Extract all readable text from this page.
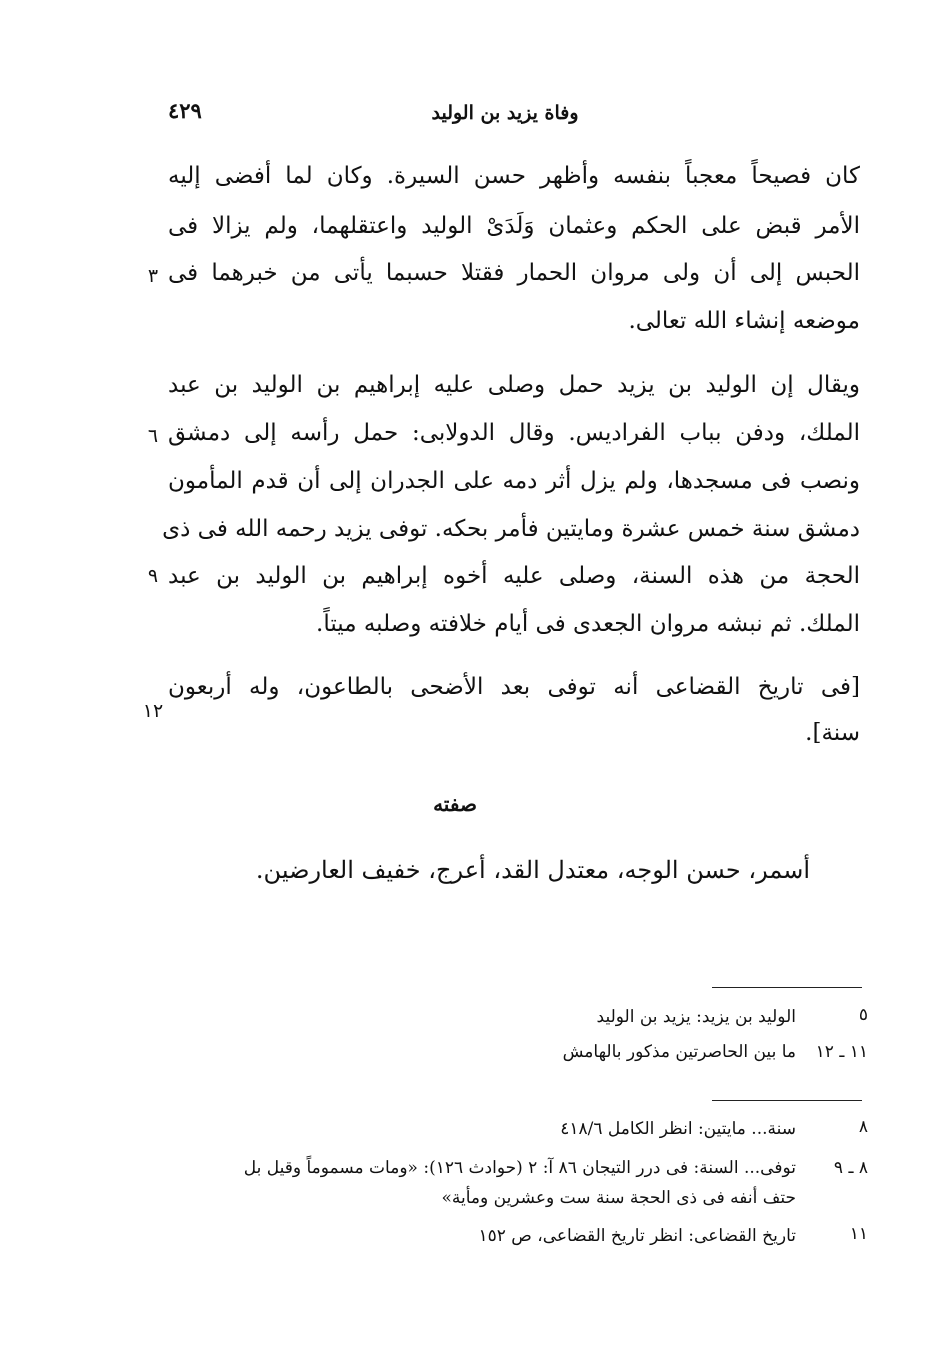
وفاة يزيد بن الوليد
٤٢٩
كان فصيحاً معجباً بنفسه وأظهر حسن السيرة. وكان لما أفضى إليه
الأمر قبض على الحكم وعثمان وَلَدَىْ الوليد واعتقلهما، ولم يزالا فى
الحبس إلى أن ولى مروان الحمار فقتلا حسبما يأتى من خبرهما فى
موضعه إنشاء الله تعالى.
ويقال إن الوليد بن يزيد حمل وصلى عليه إبراهيم بن الوليد بن عبد
الملك، ودفن بباب الفراديس. وقال الدولابى: حمل رأسه إلى دمشق
ونصب فى مسجدها، ولم يزل أثر دمه على الجدران إلى أن قدم المأمون
دمشق سنة خمس عشرة ومايتين فأمر بحكه. توفى يزيد رحمه الله فى ذى
الحجة من هذه السنة، وصلى عليه أخوه إبراهيم بن الوليد بن عبد
الملك. ثم نبشه مروان الجعدى فى أيام خلافته وصلبه ميتاً.
[فى تاريخ القضاعى أنه توفى بعد الأضحى بالطاعون، وله أربعون
سنة].
٣
٦
٩
١٢
صفته
أسمر، حسن الوجه، معتدل القد، أعرج، خفيف العارضين.
٥
الوليد بن يزيد: يزيد بن الوليد
١١ ـ ١٢
ما بين الحاصرتين مذكور بالهامش
٨
سنة... مايتين: انظر الكامل ٤١٨/٦
٨ ـ ٩
توفى... السنة: فى درر التيجان ٨٦ آ: ٢ (حوادث ١٢٦): «ومات مسموماً وقيل بل
حتف أنفه فى ذى الحجة سنة ست وعشرين ومأية»
١١
تاريخ القضاعى: انظر تاريخ القضاعى، ص ١٥٢
